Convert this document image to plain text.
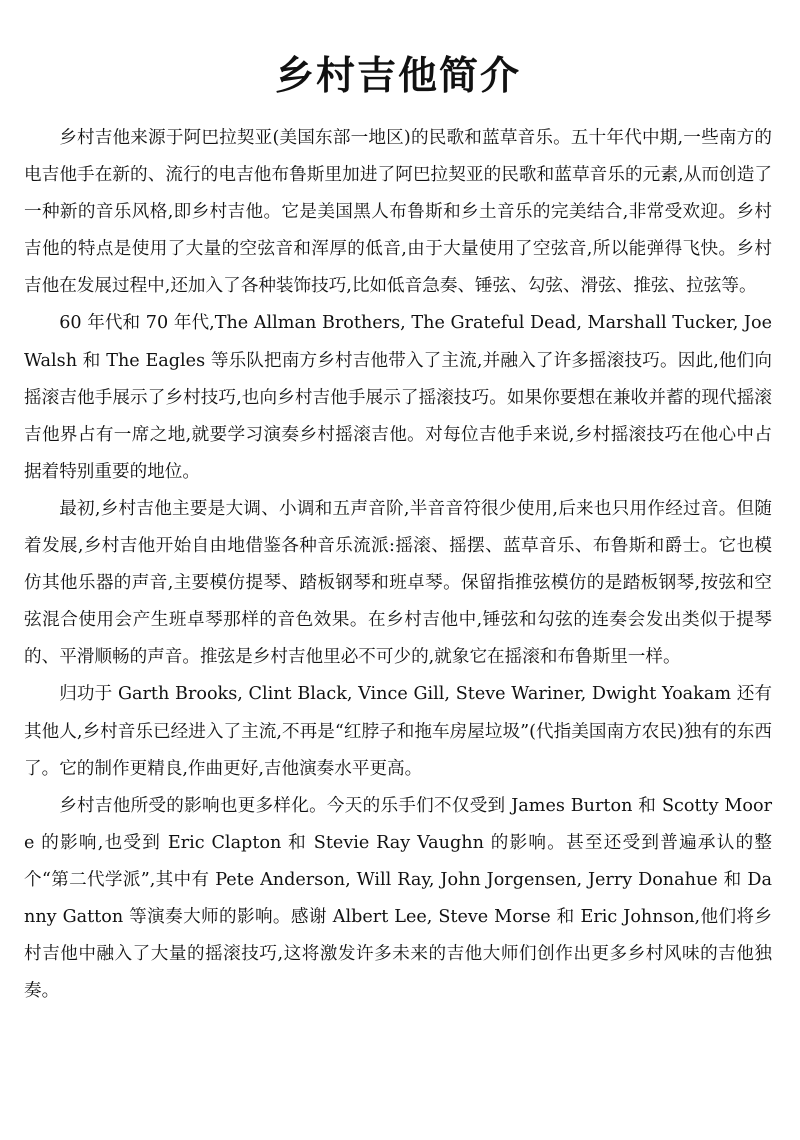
乡村吉他简介

乡村吉他来源于阿巴拉契亚(美国东部一地区)的民歌和蓝草音乐。五十年代中期,一些南方的电吉他手在新的、流行的电吉他布鲁斯里加进了阿巴拉契亚的民歌和蓝草音乐的元素,从而创造了一种新的音乐风格,即乡村吉他。它是美国黑人布鲁斯和乡土音乐的完美结合,非常受欢迎。乡村吉他的特点是使用了大量的空弦音和浑厚的低音,由于大量使用了空弦音,所以能弹得飞快。乡村吉他在发展过程中,还加入了各种装饰技巧,比如低音急奏、锤弦、勾弦、滑弦、推弦、拉弦等。

60 年代和 70 年代,The Allman Brothers, The Grateful Dead, Marshall Tucker, Joe Walsh 和 The Eagles 等乐队把南方乡村吉他带入了主流,并融入了许多摇滚技巧。因此,他们向摇滚吉他手展示了乡村技巧,也向乡村吉他手展示了摇滚技巧。如果你要想在兼收并蓄的现代摇滚吉他界占有一席之地,就要学习演奏乡村摇滚吉他。对每位吉他手来说,乡村摇滚技巧在他心中占据着特别重要的地位。

最初,乡村吉他主要是大调、小调和五声音阶,半音音符很少使用,后来也只用作经过音。但随着发展,乡村吉他开始自由地借鉴各种音乐流派:摇滚、摇摆、蓝草音乐、布鲁斯和爵士。它也模仿其他乐器的声音,主要模仿提琴、踏板钢琴和班卓琴。保留指推弦模仿的是踏板钢琴,按弦和空弦混合使用会产生班卓琴那样的音色效果。在乡村吉他中,锤弦和勾弦的连奏会发出类似于提琴的、平滑顺畅的声音。推弦是乡村吉他里必不可少的,就象它在摇滚和布鲁斯里一样。

归功于 Garth Brooks, Clint Black, Vince Gill, Steve Wariner, Dwight Yoakam 还有其他人,乡村音乐已经进入了主流,不再是“红脖子和拖车房屋垃圾”(代指美国南方农民)独有的东西了。它的制作更精良,作曲更好,吉他演奏水平更高。

乡村吉他所受的影响也更多样化。今天的乐手们不仅受到 James Burton 和 Scotty Moore 的影响,也受到 Eric Clapton 和 Stevie Ray Vaughn 的影响。甚至还受到普遍承认的整个“第二代学派”,其中有 Pete Anderson, Will Ray, John Jorgensen, Jerry Donahue 和 Danny Gatton 等演奏大师的影响。感谢 Albert Lee, Steve Morse 和 Eric Johnson,他们将乡村吉他中融入了大量的摇滚技巧,这将激发许多未来的吉他大师们创作出更多乡村风味的吉他独奏。
